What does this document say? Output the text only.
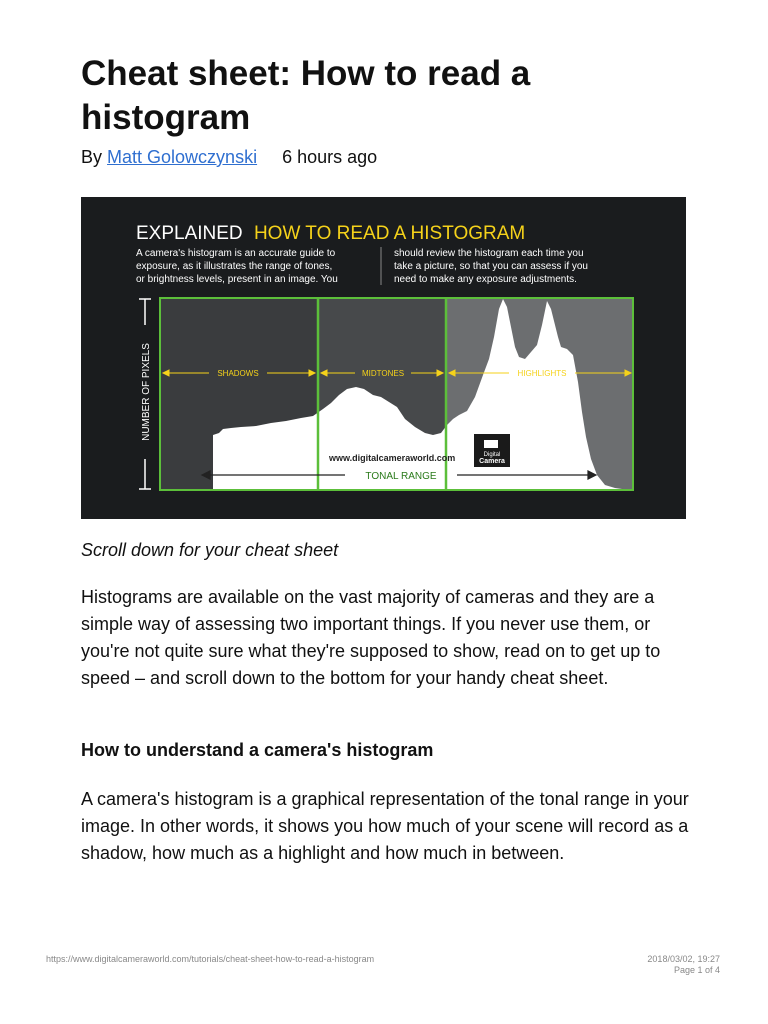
Cheat sheet: How to read a histogram
By Matt Golowczynski 6 hours ago
EXPLAINED HOW TO READ A HISTOGRAM
A camera's histogram is an accurate guide to exposure, as it illustrates the range of tones, or brightness levels, present in an image. You
should review the histogram each time you take a picture, so that you can assess if you need to make any exposure adjustments.
SHADOWS	MIDTONES	HIGHLIGHTS
NUMBER OF PIXELS
www.digitalcameraworld.com	Digital
Camera
TONAL RANGE
Scroll down for your cheat sheet

Histograms are available on the vast majority of cameras and they are a simple way of assessing two important things. If you never use them, or you're not quite sure what they're supposed to show, read on to get up to speed – and scroll down to the bottom for your handy cheat sheet.

How to understand a camera's histogram

A camera's histogram is a graphical representation of the tonal range in your image. In other words, it shows you how much of your scene will record as a shadow, how much as a highlight and how much in between.

https://www.digitalcameraworld.com/tutorials/cheat-sheet-how-to-read-a-histogram	2018/03/02, 19:27
Page 1 of 4
